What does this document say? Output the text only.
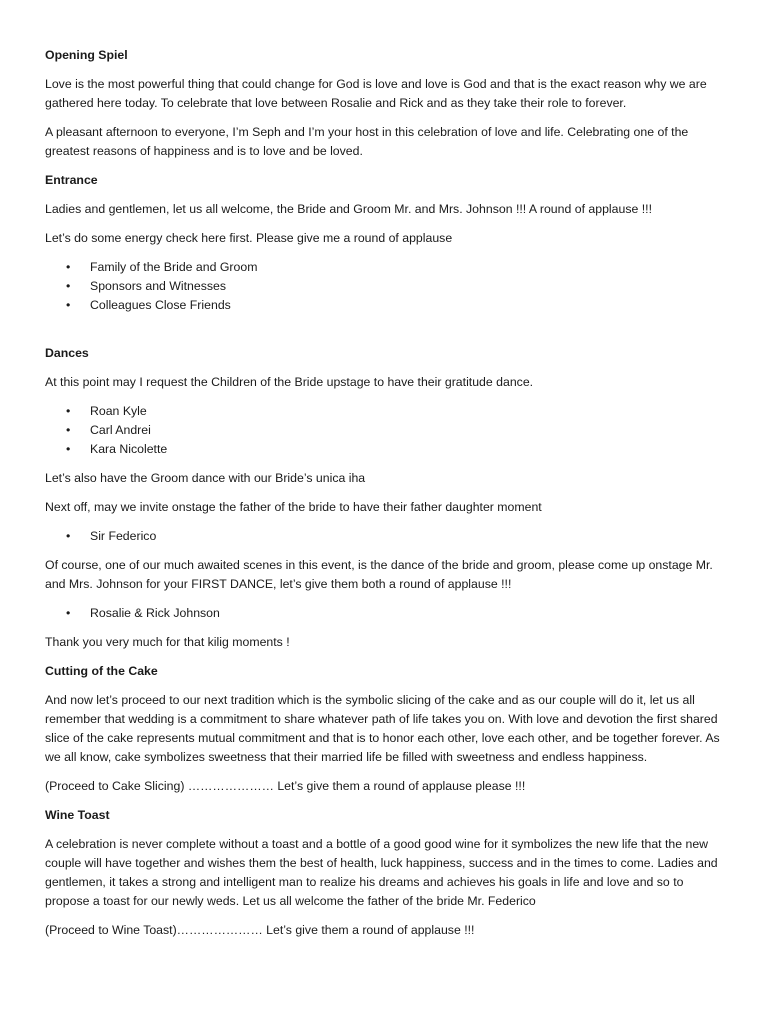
Opening Spiel

Love is the most powerful thing that could change for God is love and love is God and that is the exact reason why we are gathered here today. To celebrate that love between Rosalie and Rick and as they take their role to forever.

A pleasant afternoon to everyone, I’m Seph and I’m your host in this celebration of love and life. Celebrating one of the greatest reasons of happiness and is to love and be loved.

Entrance

Ladies and gentlemen, let us all welcome, the Bride and Groom Mr. and Mrs. Johnson !!! A round of applause !!!

Let’s do some energy check here first. Please give me a round of applause

• Family of the Bride and Groom
• Sponsors and Witnesses
• Colleagues Close Friends
Dances

At this point may I request the Children of the Bride upstage to have their gratitude dance.

• Roan Kyle
• Carl Andrei
• Kara Nicolette

Let’s also have the Groom dance with our Bride’s unica iha

Next off, may we invite onstage the father of the bride to have their father daughter moment

• Sir Federico

Of course, one of our much awaited scenes in this event, is the dance of the bride and groom, please come up onstage Mr. and Mrs. Johnson for your FIRST DANCE, let’s give them both a round of applause !!!

• Rosalie & Rick Johnson

Thank you very much for that kilig moments !

Cutting of the Cake

And now let’s proceed to our next tradition which is the symbolic slicing of the cake and as our couple will do it, let us all remember that wedding is a commitment to share whatever path of life takes you on. With love and devotion the first shared slice of the cake represents mutual commitment and that is to honor each other, love each other, and be together forever. As we all know, cake symbolizes sweetness that their married life be filled with sweetness and endless happiness.

(Proceed to Cake Slicing) ………………… Let’s give them a round of applause please !!!

Wine Toast

A celebration is never complete without a toast and a bottle of a good good wine for it symbolizes the new life that the new couple will have together and wishes them the best of health, luck happiness, success and in the times to come. Ladies and gentlemen, it takes a strong and intelligent man to realize his dreams and achieves his goals in life and love and so to propose a toast for our newly weds. Let us all welcome the father of the bride Mr. Federico

(Proceed to Wine Toast)………………… Let’s give them a round of applause !!!
